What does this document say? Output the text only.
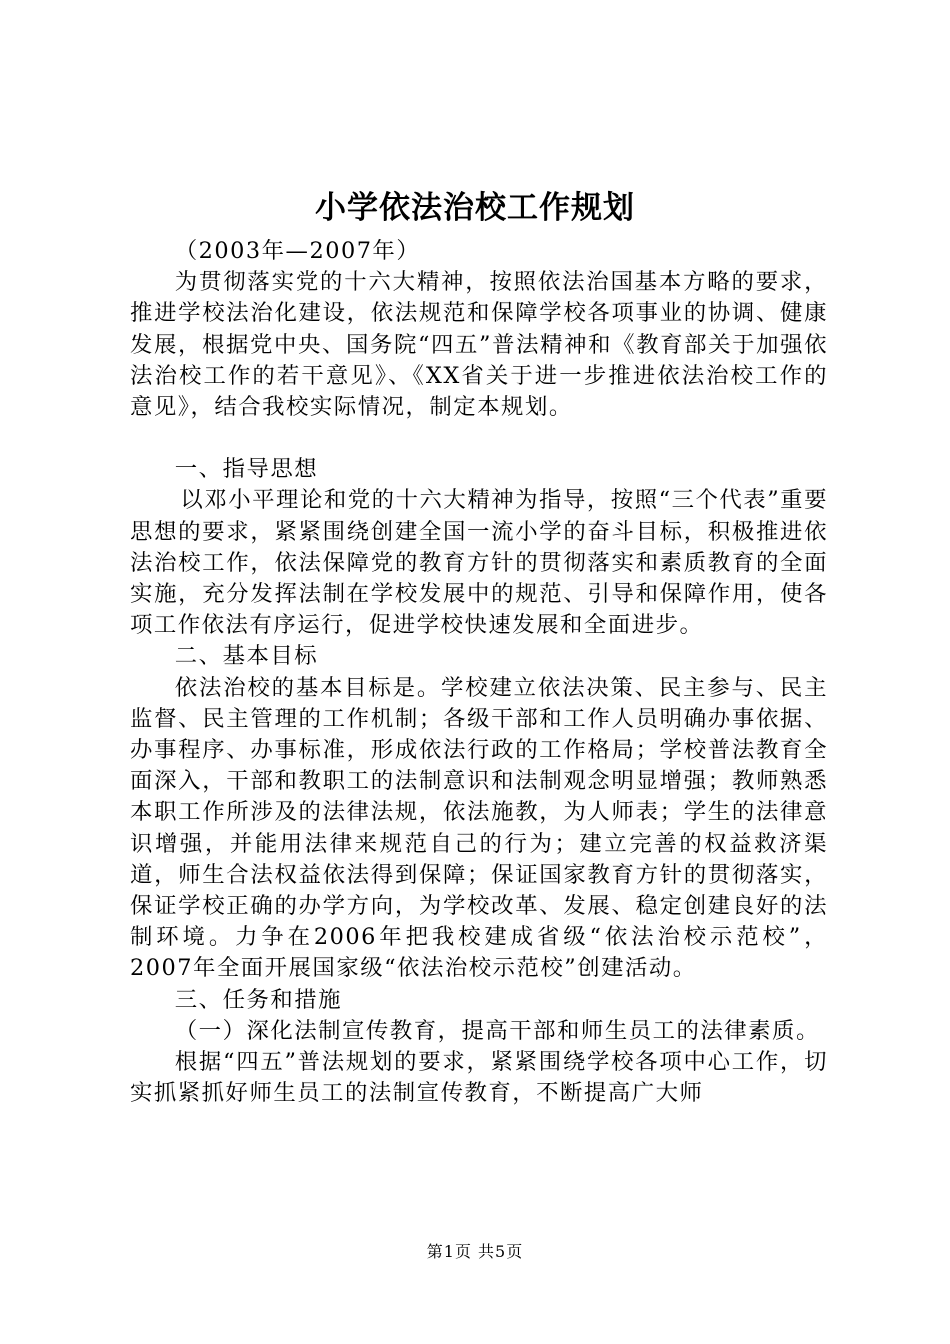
小学依法治校工作规划

（2003年—2007年）

为贯彻落实党的十六大精神，按照依法治国基本方略的要求，推进学校法治化建设，依法规范和保障学校各项事业的协调、健康发展，根据党中央、国务院“四五”普法精神和《教育部关于加强依法治校工作的若干意见》、《XX省关于进一步推进依法治校工作的意见》，结合我校实际情况，制定本规划。

一、指导思想

以邓小平理论和党的十六大精神为指导，按照“三个代表”重要思想的要求，紧紧围绕创建全国一流小学的奋斗目标，积极推进依法治校工作，依法保障党的教育方针的贯彻落实和素质教育的全面实施，充分发挥法制在学校发展中的规范、引导和保障作用，使各项工作依法有序运行，促进学校快速发展和全面进步。

二、基本目标

依法治校的基本目标是。学校建立依法决策、民主参与、民主监督、民主管理的工作机制；各级干部和工作人员明确办事依据、办事程序、办事标准，形成依法行政的工作格局；学校普法教育全面深入，干部和教职工的法制意识和法制观念明显增强；教师熟悉本职工作所涉及的法律法规，依法施教，为人师表；学生的法律意识增强，并能用法律来规范自己的行为；建立完善的权益救济渠道，师生合法权益依法得到保障；保证国家教育方针的贯彻落实，保证学校正确的办学方向，为学校改革、发展、稳定创建良好的法制环境。力争在2006年把我校建成省级“依法治校示范校”，2007年全面开展国家级“依法治校示范校”创建活动。

三、任务和措施

（一）深化法制宣传教育，提高干部和师生员工的法律素质。

根据“四五”普法规划的要求，紧紧围绕学校各项中心工作，切实抓紧抓好师生员工的法制宣传教育，不断提高广大师

第1页 共5页
